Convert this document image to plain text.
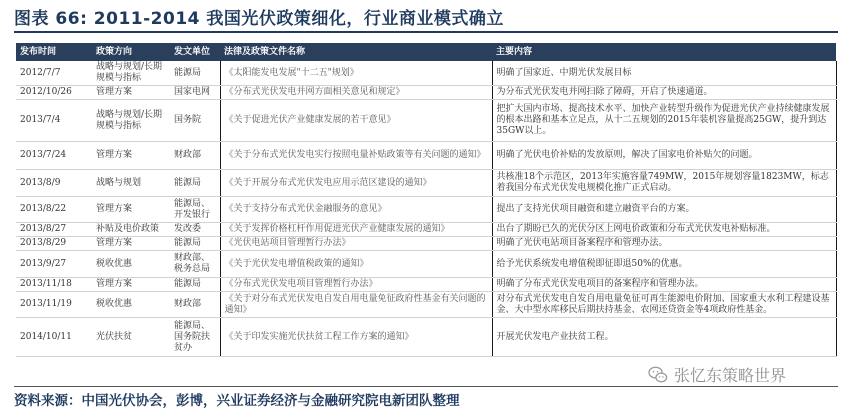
图表 66: 2011-2014 我国光伏政策细化，行业商业模式确立
发布时间	政策方向	发文单位	法律及政策文件名称	主要内容
2012/7/7	战略与规划/长期规模与指标	能源局	《太阳能发电发展"十二五"规划》	明确了国家近、中期光伏发展目标
2012/10/26	管理方案	国家电网	《分布式光伏发电并网方面相关意见和规定》	为分布式光伏发电并网扫除了障碍，开启了快速通道。
2013/7/4	战略与规划/长期规模与指标	国务院	《关于促进光伏产业健康发展的若干意见》	把扩大国内市场、提高技术水平、加快产业转型升级作为促进光伏产业持续健康发展的根本出路和基本立足点，从十二五规划的2015年装机容量提高25GW，提升到达35GW以上。
2013/7/24	管理方案	财政部	《关于分布式光伏发电实行按照电量补贴政策等有关问题的通知》	明确了光伏电价补贴的发放原则，解决了国家电价补贴欠的问题。
2013/8/9	战略与规划	能源局	《关于开展分布式光伏发电应用示范区建设的通知》	共核准18个示范区，2013年实施容量749MW，2015年规划容量1823MW，标志着我国分布式光伏发电规模化推广正式启动。
2013/8/22	管理方案	能源局、开发银行	《关于支持分布式光伏金融服务的意见》	提出了支持光伏项目融资和建立融资平台的方案。
2013/8/27	补贴及电价政策	发改委	《关于发挥价格杠杆作用促进光伏产业健康发展的通知》	出台了期盼已久的光伏分区上网电价政策和分布式光伏发电补贴标准。
2013/8/29	管理方案	能源局	《光伏电站项目管理暂行办法》	明确了光伏电站项目备案程序和管理办法。
2013/9/27	税收优惠	财政部、税务总局	《关于光伏发电增值税政策的通知》	给予光伏系统发电增值税即征即退50%的优惠。
2013/11/18	管理方案	能源局	《分布式光伏发电项目管理暂行办法》	明确了分布式光伏发电项目的备案程序和管理办法。
2013/11/19	税收优惠	财政部	《关于对分布式光伏发电自发自用电量免征政府性基金有关问题的通知》	对分布式光伏发电自发自用电量免征可再生能源电价附加、国家重大水利工程建设基金、大中型水库移民后期扶持基金、农网还贷资金等4项政府性基金。
2014/10/11	光伏扶贫	能源局、国务院扶贫办	《关于印发实施光伏扶贫工程工作方案的通知》	开展光伏发电产业扶贫工程。
张忆东策略世界
资料来源：中国光伏协会，彭博，兴业证券经济与金融研究院电新团队整理
